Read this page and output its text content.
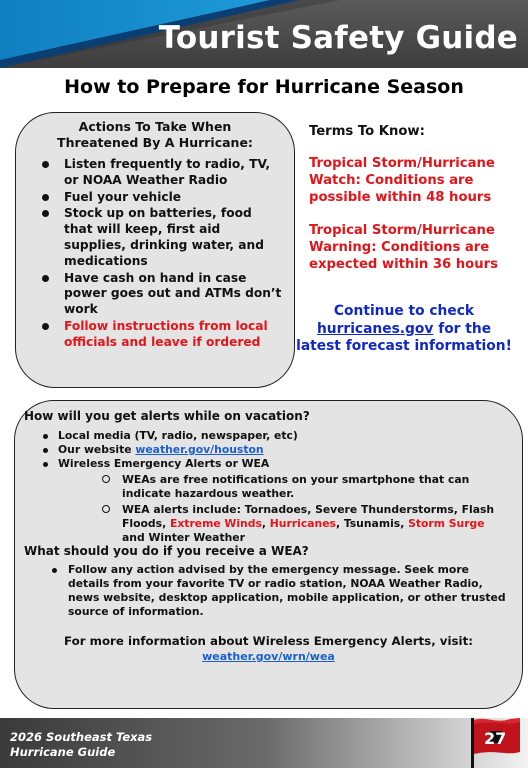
Tourist Safety Guide
How to Prepare for Hurricane Season
Actions To Take When
Threatened By A Hurricane:
Listen frequently to radio, TV, or NOAA Weather Radio
Fuel your vehicle
Stock up on batteries, food that will keep, first aid supplies, drinking water, and medications
Have cash on hand in case power goes out and ATMs don’t work
Follow instructions from local officials and leave if ordered
Terms To Know:
Tropical Storm/Hurricane Watch: Conditions are possible within 48 hours
Tropical Storm/Hurricane Warning: Conditions are expected within 36 hours
Continue to check
hurricanes.gov for the latest forecast information!
How will you get alerts while on vacation?
Local media (TV, radio, newspaper, etc)
Our website weather.gov/houston
Wireless Emergency Alerts or WEA
WEAs are free notifications on your smartphone that can indicate hazardous weather.
WEA alerts include: Tornadoes, Severe Thunderstorms, Flash Floods, Extreme Winds, Hurricanes, Tsunamis, Storm Surge and Winter Weather
What should you do if you receive a WEA?
Follow any action advised by the emergency message. Seek more details from your favorite TV or radio station, NOAA Weather Radio, news website, desktop application, mobile application, or other trusted source of information.
For more information about Wireless Emergency Alerts, visit:
weather.gov/wrn/wea
2026 Southeast Texas
Hurricane Guide
27
